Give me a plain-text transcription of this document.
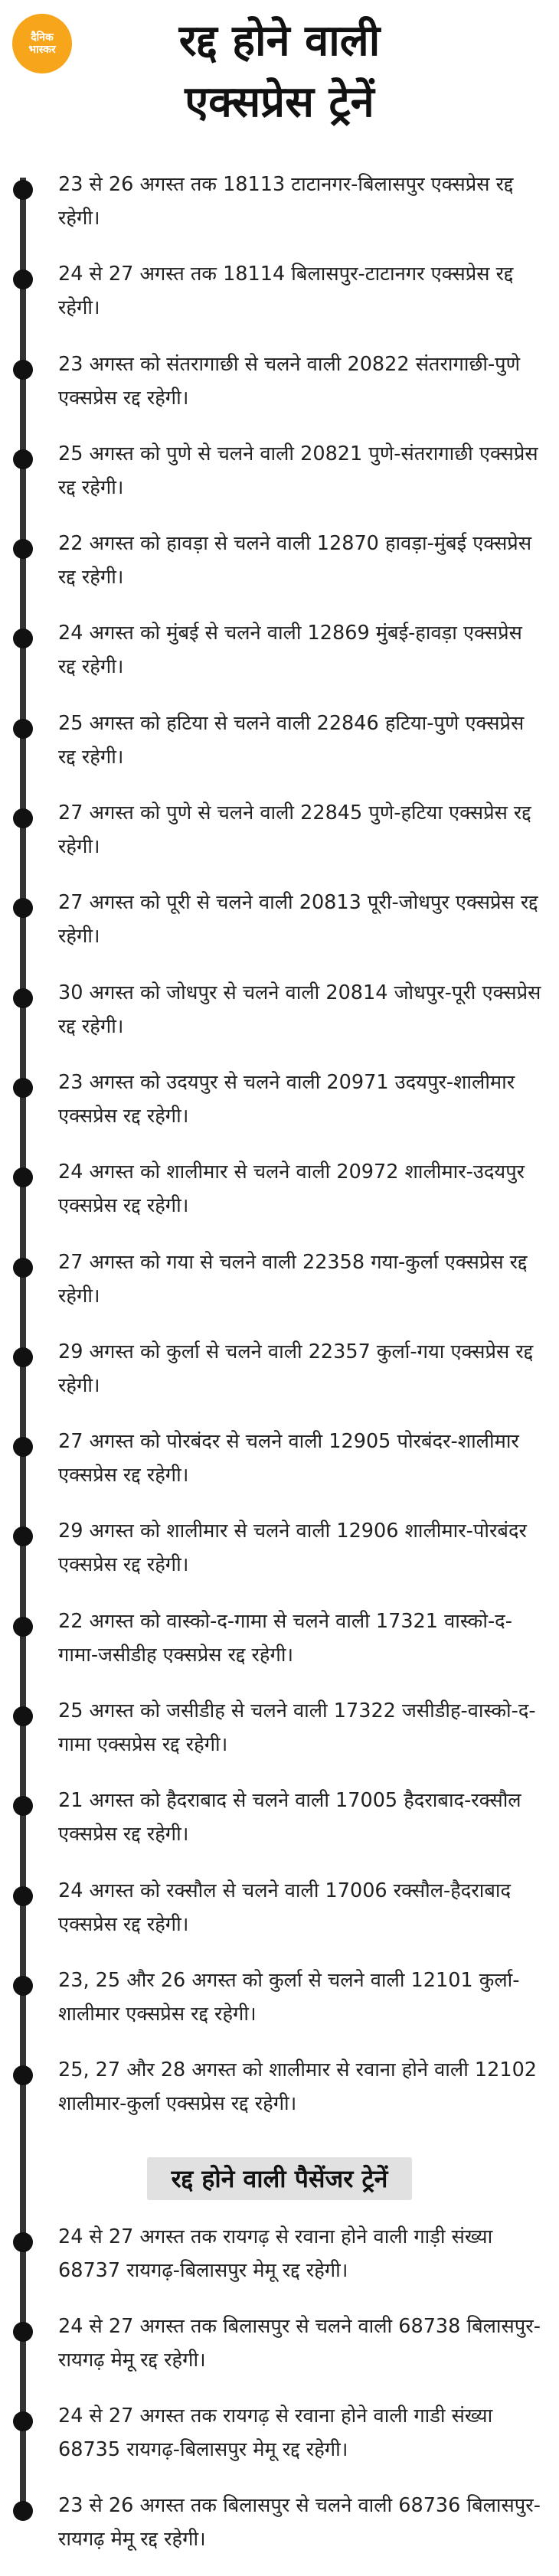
दैनिक
भास्कर	रद्द होने वाली
एक्सप्रेस ट्रेनें
23 से 26 अगस्त तक 18113 टाटानगर-बिलासपुर एक्सप्रेस रद्द रहेगी।
24 से 27 अगस्त तक 18114 बिलासपुर-टाटानगर एक्सप्रेस रद्द रहेगी।
23 अगस्त को संतरागाछी से चलने वाली 20822 संतरागाछी-पुणे एक्सप्रेस रद्द रहेगी।
25 अगस्त को पुणे से चलने वाली 20821 पुणे-संतरागाछी एक्सप्रेस रद्द रहेगी।
22 अगस्त को हावड़ा से चलने वाली 12870 हावड़ा-मुंबई एक्सप्रेस रद्द रहेगी।
24 अगस्त को मुंबई से चलने वाली 12869 मुंबई-हावड़ा एक्सप्रेस रद्द रहेगी।
25 अगस्त को हटिया से चलने वाली 22846 हटिया-पुणे एक्सप्रेस रद्द रहेगी।
27 अगस्त को पुणे से चलने वाली 22845 पुणे-हटिया एक्सप्रेस रद्द रहेगी।
27 अगस्त को पूरी से चलने वाली 20813 पूरी-जोधपुर एक्सप्रेस रद्द रहेगी।
30 अगस्त को जोधपुर से चलने वाली 20814 जोधपुर-पूरी एक्सप्रेस रद्द रहेगी।
23 अगस्त को उदयपुर से चलने वाली 20971 उदयपुर-शालीमार एक्सप्रेस रद्द रहेगी।
24 अगस्त को शालीमार से चलने वाली 20972 शालीमार-उदयपुर एक्सप्रेस रद्द रहेगी।
27 अगस्त को गया से चलने वाली 22358 गया-कुर्ला एक्सप्रेस रद्द रहेगी।
29 अगस्त को कुर्ला से चलने वाली 22357 कुर्ला-गया एक्सप्रेस रद्द रहेगी।
27 अगस्त को पोरबंदर से चलने वाली 12905 पोरबंदर-शालीमार एक्सप्रेस रद्द रहेगी।
29 अगस्त को शालीमार से चलने वाली 12906 शालीमार-पोरबंदर एक्सप्रेस रद्द रहेगी।
22 अगस्त को वास्को-द-गामा से चलने वाली 17321 वास्को-द-गामा-जसीडीह एक्सप्रेस रद्द रहेगी।
25 अगस्त को जसीडीह से चलने वाली 17322 जसीडीह-वास्को-द-गामा एक्सप्रेस रद्द रहेगी।
21 अगस्त को हैदराबाद से चलने वाली 17005 हैदराबाद-रक्सौल एक्सप्रेस रद्द रहेगी।
24 अगस्त को रक्सौल से चलने वाली 17006 रक्सौल-हैदराबाद एक्सप्रेस रद्द रहेगी।
23, 25 और 26 अगस्त को कुर्ला से चलने वाली 12101 कुर्ला-शालीमार एक्सप्रेस रद्द रहेगी।
25, 27 और 28 अगस्त को शालीमार से रवाना होने वाली 12102 शालीमार-कुर्ला एक्सप्रेस रद्द रहेगी।
रद्द होने वाली पैसेंजर ट्रेनें
24 से 27 अगस्त तक रायगढ़ से रवाना होने वाली गाड़ी संख्या 68737 रायगढ़-बिलासपुर मेमू रद्द रहेगी।
24 से 27 अगस्त तक बिलासपुर से चलने वाली 68738 बिलासपुर-रायगढ़ मेमू रद्द रहेगी।
24 से 27 अगस्त तक रायगढ़ से रवाना होने वाली गाडी संख्या 68735 रायगढ़-बिलासपुर मेमू रद्द रहेगी।
23 से 26 अगस्त तक बिलासपुर से चलने वाली 68736 बिलासपुर-रायगढ़ मेमू रद्द रहेगी।
